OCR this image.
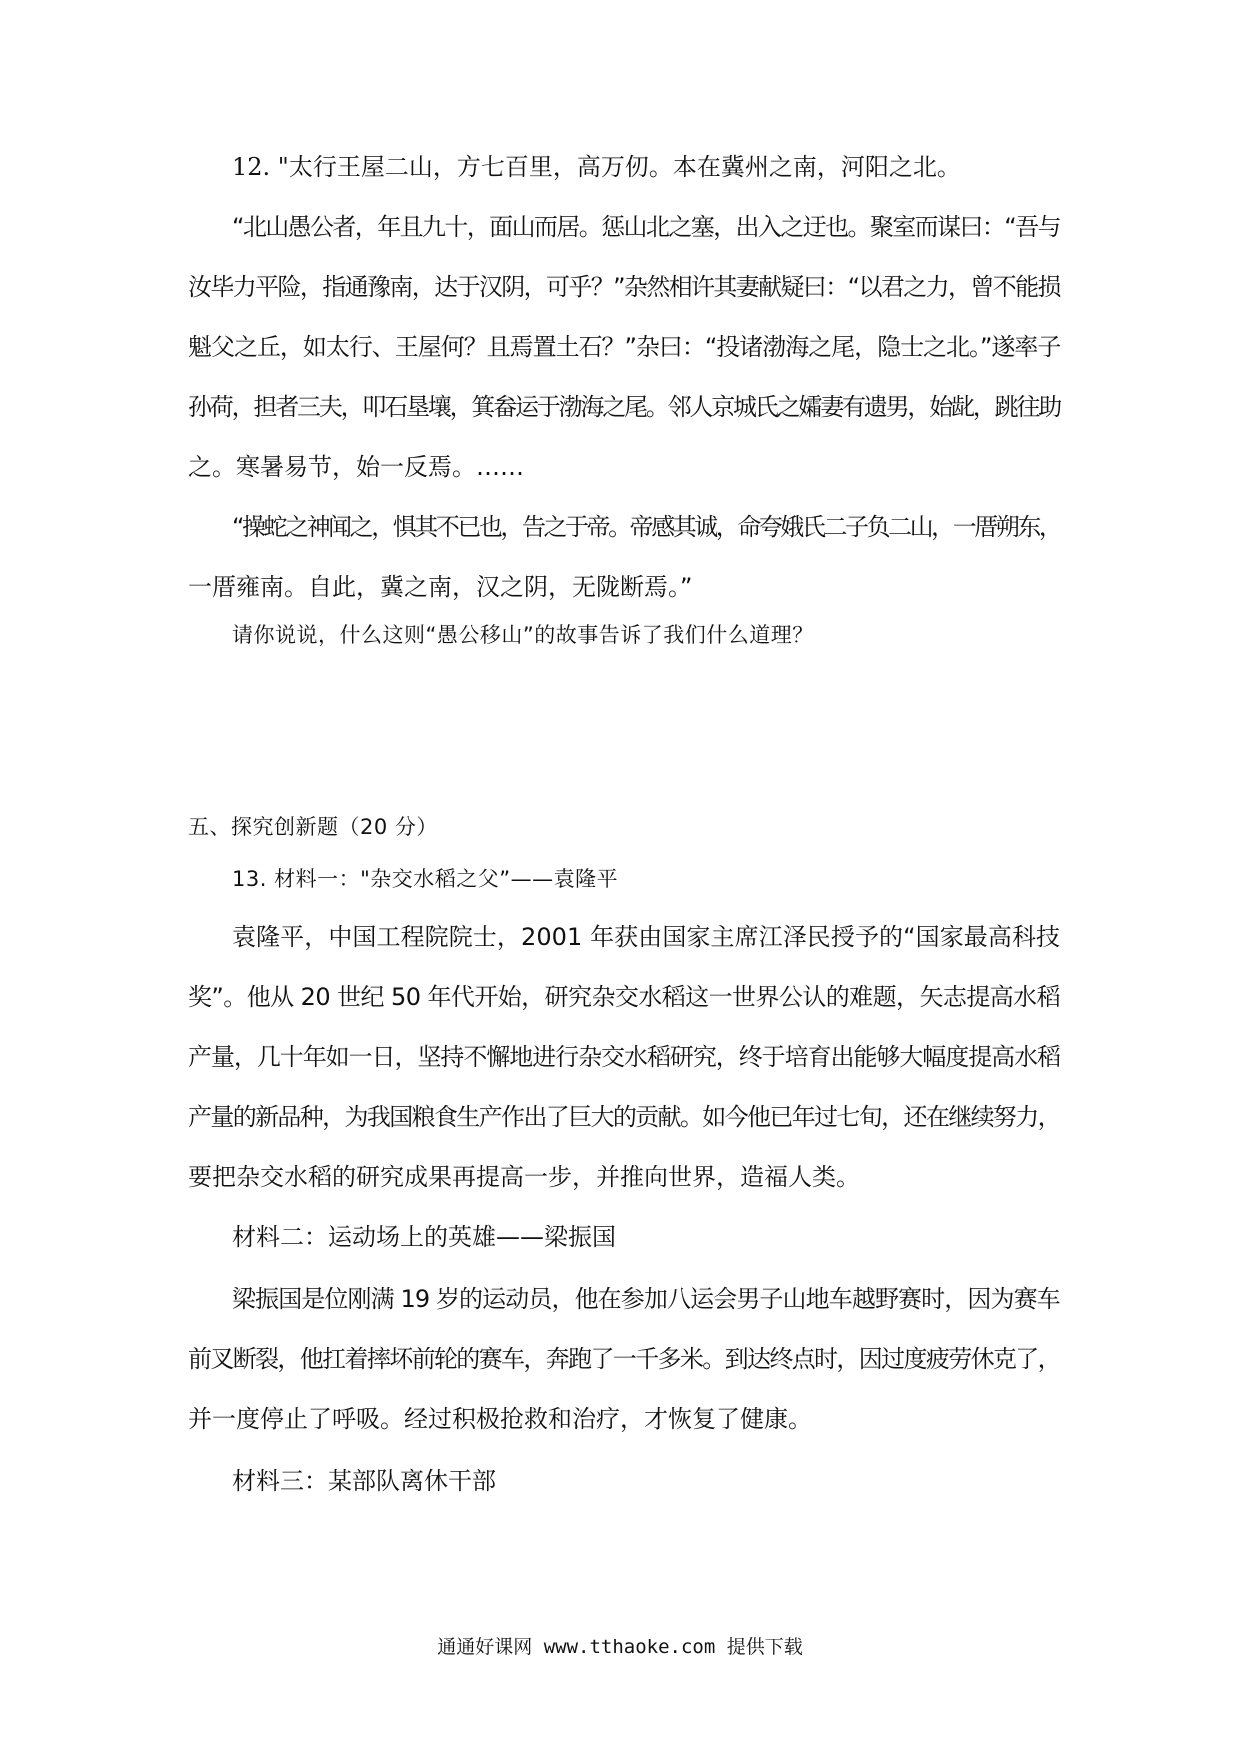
12. "太行王屋二山，方七百里，高万仞。本在冀州之南，河阳之北。
“北山愚公者，年且九十，面山而居。惩山北之塞，出入之迂也。聚室而谋曰：“吾与
汝毕力平险，指通豫南，达于汉阴，可乎？”杂然相许其妻献疑曰：“以君之力，曾不能损
魁父之丘，如太行、王屋何？且焉置土石？”杂曰：“投诸渤海之尾，隐士之北。”遂率子
孙荷，担者三夫，叩石垦壤，箕畚运于渤海之尾。邻人京城氏之孀妻有遗男，始龀，跳往助
之。寒暑易节，始一反焉。……
“操蛇之神闻之，惧其不已也，告之于帝。帝感其诚，命夸娥氏二子负二山，一厝朔东，
一厝雍南。自此，冀之南，汉之阴，无陇断焉。”
请你说说，什么这则“愚公移山”的故事告诉了我们什么道理？
五、探究创新题（20 分）
13. 材料一："杂交水稻之父”——袁隆平
袁隆平，中国工程院院士，2001 年获由国家主席江泽民授予的“国家最高科技
奖”。他从 20 世纪 50 年代开始，研究杂交水稻这一世界公认的难题，矢志提高水稻
产量，几十年如一日，坚持不懈地进行杂交水稻研究，终于培育出能够大幅度提高水稻
产量的新品种，为我国粮食生产作出了巨大的贡献。如今他已年过七旬，还在继续努力，
要把杂交水稻的研究成果再提高一步，并推向世界，造福人类。
材料二：运动场上的英雄——梁振国
梁振国是位刚满 19 岁的运动员，他在参加八运会男子山地车越野赛时，因为赛车
前叉断裂，他扛着摔坏前轮的赛车，奔跑了一千多米。到达终点时，因过度疲劳休克了，
并一度停止了呼吸。经过积极抢救和治疗，才恢复了健康。
材料三：某部队离休干部
通通好课网 www.tthaoke.com 提供下载
